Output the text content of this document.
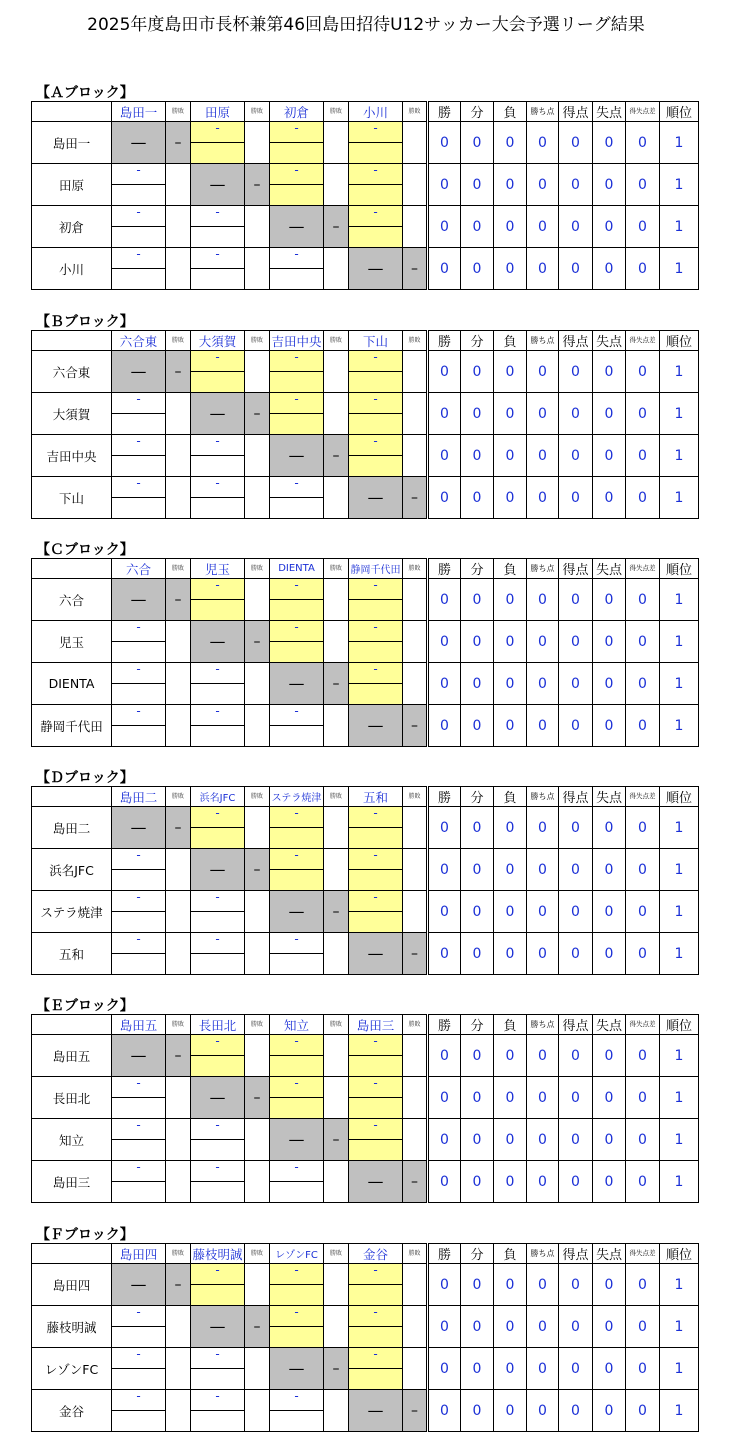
2025年度島田市長杯兼第46回島田招待U12サッカー大会予選リーグ結果
【Ａブロック】
	島田一	勝敗	田原	勝敗	初倉	勝敗	小川	勝敗	勝	分	負	勝ち点	得点	失点	得失点差	順位
島田一	—	–	-		-		-		0	0	0	0	0	0	0	1

田原	-		—	–	-		-		0	0	0	0	0	0	0	1

初倉	-		-		—	–	-		0	0	0	0	0	0	0	1

小川	-		-		-		—	–	0	0	0	0	0	0	0	1

【Ｂブロック】
	六合東	勝敗	大須賀	勝敗	吉田中央	勝敗	下山	勝敗	勝	分	負	勝ち点	得点	失点	得失点差	順位
六合東	—	–	-		-		-		0	0	0	0	0	0	0	1

大須賀	-		—	–	-		-		0	0	0	0	0	0	0	1

吉田中央	-		-		—	–	-		0	0	0	0	0	0	0	1

下山	-		-		-		—	–	0	0	0	0	0	0	0	1

【Ｃブロック】
	六合	勝敗	児玉	勝敗	DIENTA	勝敗	静岡千代田	勝敗	勝	分	負	勝ち点	得点	失点	得失点差	順位
六合	—	–	-		-		-		0	0	0	0	0	0	0	1

児玉	-		—	–	-		-		0	0	0	0	0	0	0	1

DIENTA	-		-		—	–	-		0	0	0	0	0	0	0	1

静岡千代田	-		-		-		—	–	0	0	0	0	0	0	0	1

【Ｄブロック】
	島田二	勝敗	浜名JFC	勝敗	ステラ焼津	勝敗	五和	勝敗	勝	分	負	勝ち点	得点	失点	得失点差	順位
島田二	—	–	-		-		-		0	0	0	0	0	0	0	1

浜名JFC	-		—	–	-		-		0	0	0	0	0	0	0	1

ステラ焼津	-		-		—	–	-		0	0	0	0	0	0	0	1

五和	-		-		-		—	–	0	0	0	0	0	0	0	1

【Ｅブロック】
	島田五	勝敗	長田北	勝敗	知立	勝敗	島田三	勝敗	勝	分	負	勝ち点	得点	失点	得失点差	順位
島田五	—	–	-		-		-		0	0	0	0	0	0	0	1

長田北	-		—	–	-		-		0	0	0	0	0	0	0	1

知立	-		-		—	–	-		0	0	0	0	0	0	0	1

島田三	-		-		-		—	–	0	0	0	0	0	0	0	1

【Ｆブロック】
	島田四	勝敗	藤枝明誠	勝敗	レゾンFC	勝敗	金谷	勝敗	勝	分	負	勝ち点	得点	失点	得失点差	順位
島田四	—	–	-		-		-		0	0	0	0	0	0	0	1

藤枝明誠	-		—	–	-		-		0	0	0	0	0	0	0	1

レゾンFC	-		-		—	–	-		0	0	0	0	0	0	0	1

金谷	-		-		-		—	–	0	0	0	0	0	0	0	1
